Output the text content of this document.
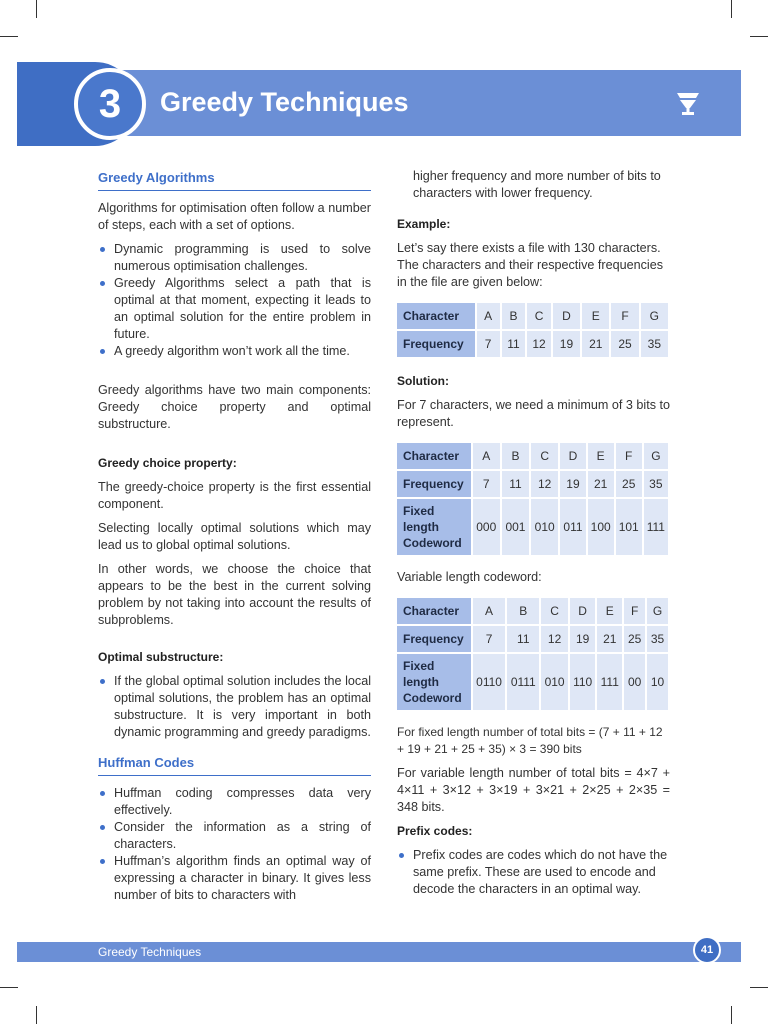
3	Greedy Techniques
Greedy Algorithms

Algorithms for optimisation often follow a number of steps, each with a set of options.

Dynamic programming is used to solve numerous optimisation challenges.
Greedy Algorithms select a path that is optimal at that moment, expecting it leads to an optimal solution for the entire problem in future.
A greedy algorithm won’t work all the time.

Greedy algorithms have two main components: Greedy choice property and optimal substructure.

Greedy choice property:

The greedy-choice property is the first essential component.

Selecting locally optimal solutions which may lead us to global optimal solutions.

In other words, we choose the choice that appears to be the best in the current solving problem by not taking into account the results of subproblems.

Optimal substructure:
If the global optimal solution includes the local optimal solutions, the problem has an optimal substructure. It is very important in both dynamic programming and greedy paradigms.
Huffman Codes
Huffman coding compresses data very effectively.
Consider the information as a string of characters.
Huffman’s algorithm finds an optimal way of expressing a character in binary. It gives less number of bits to characters with

higher frequency and more number of bits to characters with lower frequency.

Example:

Let’s say there exists a file with 130 characters. The characters and their respective frequencies in the file are given below:

Character	A	B	C	D	E	F	G
Frequency	7	11	12	19	21	25	35
Solution:

For 7 characters, we need a minimum of 3 bits to represent.

Character	A	B	C	D	E	F	G
Frequency	7	11	12	19	21	25	35
Fixed
length
Codeword	000	001	010	011	100	101	111

Variable length codeword:

Character	A	B	C	D	E	F	G
Frequency	7	11	12	19	21	25	35
Fixed
length
Codeword	0110	0111	010	110	111	00	10

For fixed length number of total bits = (7 + 11 + 12 + 19 + 21 + 25 + 35) × 3 = 390 bits

For variable length number of total bits = 4×7 + 4×11 + 3×12 + 3×19 + 3×21 + 2×25 + 2×35 = 348 bits.

Prefix codes:
Prefix codes are codes which do not have the same prefix. These are used to encode and decode the characters in an optimal way.
Greedy Techniques	41
